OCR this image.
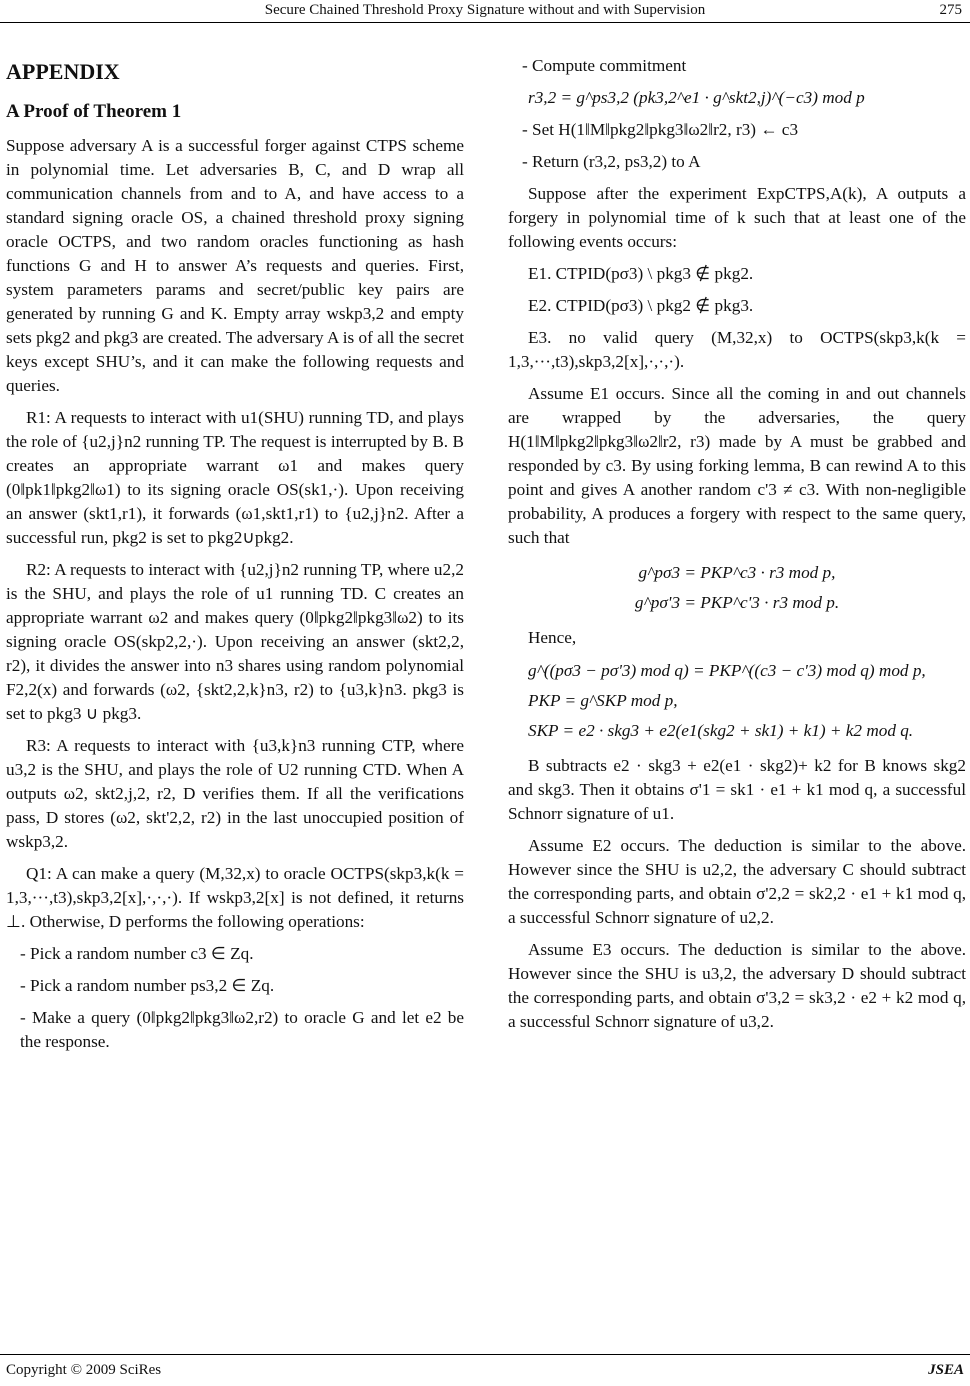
Secure Chained Threshold Proxy Signature without and with Supervision	275
APPENDIX
A Proof of Theorem 1

Suppose adversary A is a successful forger against CTPS scheme in polynomial time. Let adversaries B, C, and D wrap all communication channels from and to A, and have access to a standard signing oracle OS, a chained threshold proxy signing oracle OCTPS, and two random oracles functioning as hash functions G and H to answer A’s requests and queries. First, system parameters params and secret/public key pairs are generated by running G and K. Empty array wskp3,2 and empty sets pkg2 and pkg3 are created. The adversary A is of all the secret keys except SHU’s, and it can make the following requests and queries.

R1: A requests to interact with u1(SHU) running TD, and plays the role of {u2,j}n2 running TP. The request is interrupted by B. B creates an appropriate warrant ω1 and makes query (0‖pk1‖pkg2‖ω1) to its signing oracle OS(sk1,·). Upon receiving an answer (skt1,r1), it forwards (ω1,skt1,r1) to {u2,j}n2. After a successful run, pkg2 is set to pkg2∪pkg2.

R2: A requests to interact with {u2,j}n2 running TP, where u2,2 is the SHU, and plays the role of u1 running TD. C creates an appropriate warrant ω2 and makes query (0‖pkg2‖pkg3‖ω2) to its signing oracle OS(skp2,2,·). Upon receiving an answer (skt2,2, r2), it divides the answer into n3 shares using random polynomial F2,2(x) and forwards (ω2, {skt2,2,k}n3, r2) to {u3,k}n3. pkg3 is set to pkg3 ∪ pkg3.

R3: A requests to interact with {u3,k}n3 running CTP, where u3,2 is the SHU, and plays the role of U2 running CTD. When A outputs ω2, skt2,j,2, r2, D verifies them. If all the verifications pass, D stores (ω2, skt'2,2, r2) in the last unoccupied position of wskp3,2.

Q1: A can make a query (M,32,x) to oracle OCTPS(skp3,k(k = 1,3,···,t3),skp3,2[x],·,·,·). If wskp3,2[x] is not defined, it returns ⊥. Otherwise, D performs the following operations:

- Pick a random number c3 ∈ Zq.

- Pick a random number ps3,2 ∈ Zq.

- Make a query (0‖pkg2‖pkg3‖ω2,r2) to oracle G and let e2 be the response.

- Compute commitment

r3,2 = g^ps3,2 (pk3,2^e1 · g^skt2,j)^(−c3) mod p

- Set H(1‖M‖pkg2‖pkg3‖ω2‖r2, r3) ← c3

- Return (r3,2, ps3,2) to A

Suppose after the experiment ExpCTPS,A(k), A outputs a forgery in polynomial time of k such that at least one of the following events occurs:

E1. CTPID(pσ3) \ pkg3 ∉ pkg2.

E2. CTPID(pσ3) \ pkg2 ∉ pkg3.

E3. no valid query (M,32,x) to OCTPS(skp3,k(k = 1,3,···,t3),skp3,2[x],·,·,·).

Assume E1 occurs. Since all the coming in and out channels are wrapped by the adversaries, the query H(1‖M‖pkg2‖pkg3‖ω2‖r2, r3) made by A must be grabbed and responded by c3. By using forking lemma, B can rewind A to this point and gives A another random c'3 ≠ c3. With non-negligible probability, A produces a forgery with respect to the same query, such that

g^pσ3 = PKP^c3 · r3 mod p,
g^pσ'3 = PKP^c'3 · r3 mod p.

Hence,

g^((pσ3 − pσ'3) mod q) = PKP^((c3 − c'3) mod q) mod p,
PKP = g^SKP mod p,
SKP = e2 · skg3 + e2(e1(skg2 + sk1) + k1) + k2 mod q.

B subtracts e2 · skg3 + e2(e1 · skg2)+ k2 for B knows skg2 and skg3. Then it obtains σ'1 = sk1 · e1 + k1 mod q, a successful Schnorr signature of u1.

Assume E2 occurs. The deduction is similar to the above. However since the SHU is u2,2, the adversary C should subtract the corresponding parts, and obtain σ'2,2 = sk2,2 · e1 + k1 mod q, a successful Schnorr signature of u2,2.

Assume E3 occurs. The deduction is similar to the above. However since the SHU is u3,2, the adversary D should subtract the corresponding parts, and obtain σ'3,2 = sk3,2 · e2 + k2 mod q, a successful Schnorr signature of u3,2.

Copyright © 2009 SciRes	JSEA
